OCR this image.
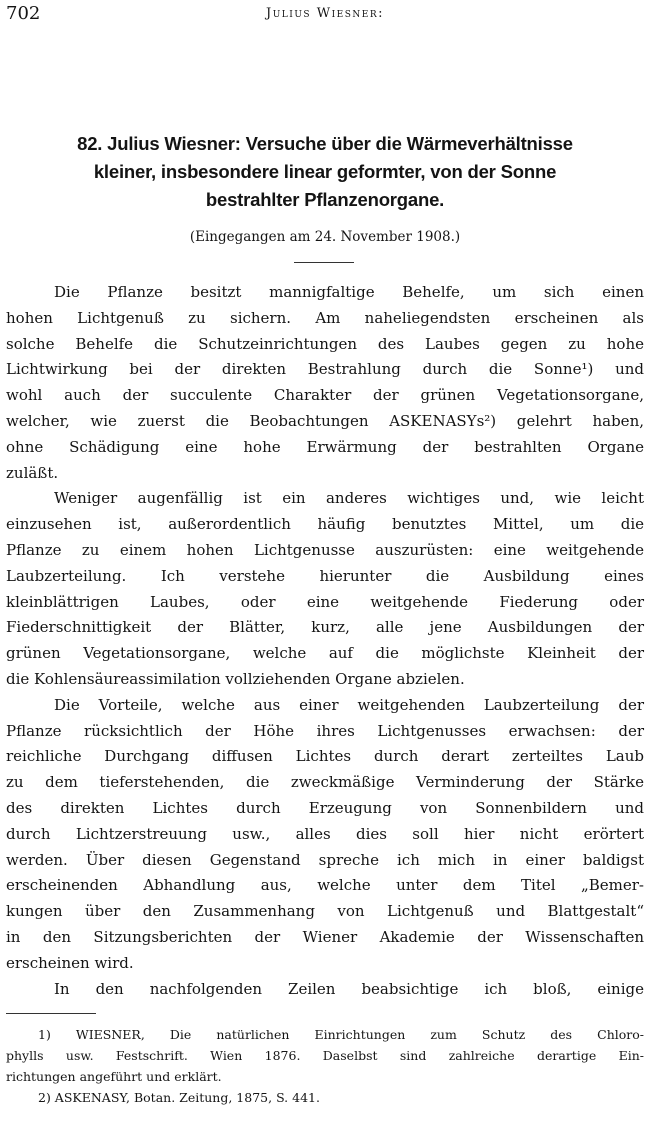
702	Julius Wiesner:
82. Julius Wiesner: Versuche über die Wärmeverhältnisse
kleiner, insbesondere linear geformter, von der Sonne
bestrahlter Pflanzenorgane.
(Eingegangen am 24. November 1908.)
Die Pflanze besitzt mannigfaltige Behelfe, um sich einen
hohen Lichtgenuß zu sichern. Am naheliegendsten erscheinen als
solche Behelfe die Schutzeinrichtungen des Laubes gegen zu hohe
Lichtwirkung bei der direkten Bestrahlung durch die Sonne¹) und
wohl auch der succulente Charakter der grünen Vegetationsorgane,
welcher, wie zuerst die Beobachtungen ASKENASYs²) gelehrt haben,
ohne Schädigung eine hohe Erwärmung der bestrahlten Organe
zuläßt.
Weniger augenfällig ist ein anderes wichtiges und, wie leicht
einzusehen ist, außerordentlich häufig benutztes Mittel, um die
Pflanze zu einem hohen Lichtgenusse auszurüsten: eine weitgehende
Laubzerteilung. Ich verstehe hierunter die Ausbildung eines
kleinblättrigen Laubes, oder eine weitgehende Fiederung oder
Fiederschnittigkeit der Blätter, kurz, alle jene Ausbildungen der
grünen Vegetationsorgane, welche auf die möglichste Kleinheit der
die Kohlensäureassimilation vollziehenden Organe abzielen.
Die Vorteile, welche aus einer weitgehenden Laubzerteilung der
Pflanze rücksichtlich der Höhe ihres Lichtgenusses erwachsen: der
reichliche Durchgang diffusen Lichtes durch derart zerteiltes Laub
zu dem tieferstehenden, die zweckmäßige Verminderung der Stärke
des direkten Lichtes durch Erzeugung von Sonnenbildern und
durch Lichtzerstreuung usw., alles dies soll hier nicht erörtert
werden. Über diesen Gegenstand spreche ich mich in einer baldigst
erscheinenden Abhandlung aus, welche unter dem Titel „Bemer-
kungen über den Zusammenhang von Lichtgenuß und Blattgestalt“
in den Sitzungsberichten der Wiener Akademie der Wissenschaften
erscheinen wird.
In den nachfolgenden Zeilen beabsichtige ich bloß, einige
1) WIESNER, Die natürlichen Einrichtungen zum Schutz des Chloro-
phylls usw. Festschrift. Wien 1876. Daselbst sind zahlreiche derartige Ein-
richtungen angeführt und erklärt.
2) ASKENASY, Botan. Zeitung, 1875, S. 441.
